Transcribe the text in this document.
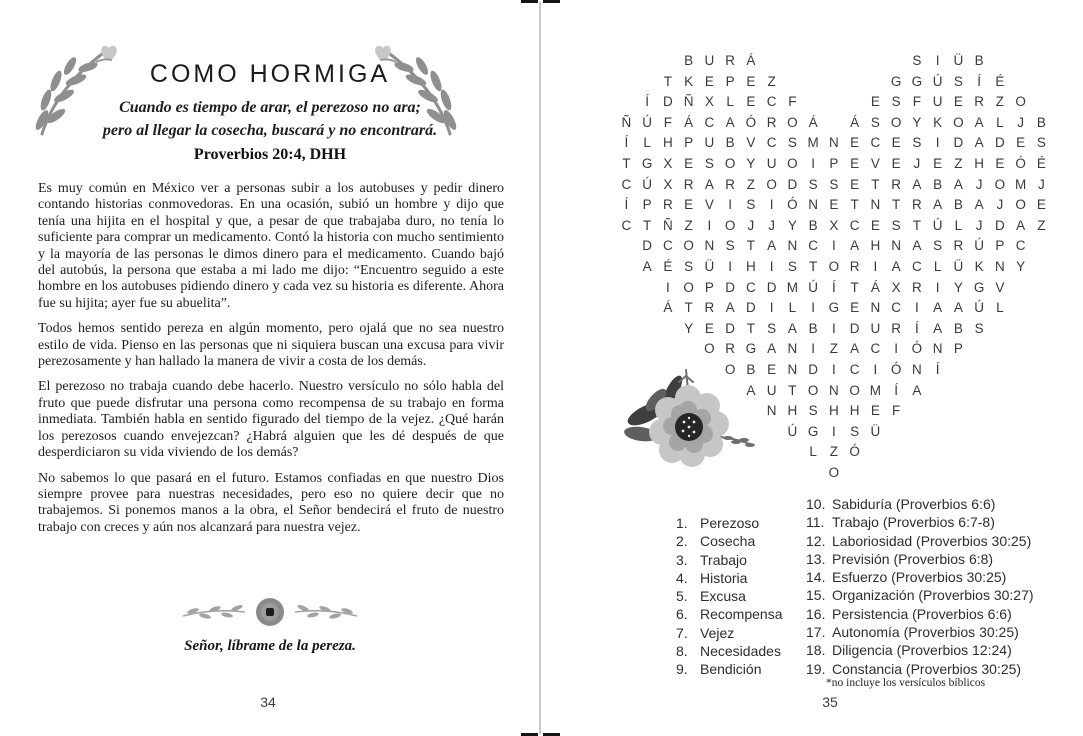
COMO HORMIGA
Cuando es tiempo de arar, el perezoso no ara;
pero al llegar la cosecha, buscará y no encontrará.
Proverbios 20:4, DHH

Es muy común en México ver a personas subir a los autobuses y pedir dinero contando historias conmovedoras. En una ocasión, subió un hombre y dijo que tenía una hijita en el hospital y que, a pesar de que trabajaba duro, no tenía lo suficiente para comprar un medicamento. Contó la historia con mucho sentimiento y la mayoría de las personas le dimos dinero para el medicamento. Cuando bajó del autobús, la persona que estaba a mi lado me dijo: “Encuentro seguido a este hombre en los autobuses pidiendo dinero y cada vez su historia es diferente. Ahora fue su hijita; ayer fue su abuelita”.

Todos hemos sentido pereza en algún momento, pero ojalá que no sea nuestro estilo de vida. Pienso en las personas que ni siquiera buscan una excusa para vivir perezosamente y han hallado la manera de vivir a costa de los demás.

El perezoso no trabaja cuando debe hacerlo. Nuestro versículo no sólo habla del fruto que puede disfrutar una persona como recompensa de su trabajo en forma inmediata. También habla en sentido figurado del tiempo de la vejez. ¿Qué harán los perezosos cuando envejezcan? ¿Habrá alguien que les dé después de que desperdiciaron su vida viviendo de los demás?

No sabemos lo que pasará en el futuro. Estamos confiadas en que nuestro Dios siempre provee para nuestras necesidades, pero eso no quiere decir que no trabajemos. Si ponemos manos a la obra, el Señor bendecirá el fruto de nuestro trabajo con creces y aún nos alcanzará para nuestra vejez.

Señor, líbrame de la pereza.
34
B U R Á	S I Ü B
T K E P E Z	G G Ú S Í É
Í D Ñ X L E C F	E S F U E R Z O
Ñ Ú F Á C A Ó R O Á Á S O Y K O A L J B
Í L H P U B V C S M N E C E S I D A D E S
T G X E S O Y U O I P E V E J E Z H E Ó É
C Ú X R A R Z O D S S E T R A B A J O M J
Í P R E V I S I Ó N E T N T R A B A J O E
C T Ñ Z I O J J Y B X C E S T Ú L J D A Z
D C O N S T A N C I A H N A S R Ú P C
A É S Ü I H I S T O R I A C L Ü K N Y
I O P D C D M Ú Í T Á X R I Y G V
Á T R A D I L I G E N C I A A Ú L
Y E D T S A B I D U R Í A B S
O R G A N I Z A C I Ó N P
O B E N D I C I Ó N Í
A U T O N O M Í A
N H S H H E F
Ú G I S Ü
L Z Ó
O
1. Perezoso
2. Cosecha
3. Trabajo
4. Historia
5. Excusa
6. Recompensa
7. Vejez
8. Necesidades
9. Bendición
10. Sabiduría (Proverbios 6:6)
11. Trabajo (Proverbios 6:7-8)
12. Laboriosidad (Proverbios 30:25)
13. Previsión (Proverbios 6:8)
14. Esfuerzo (Proverbios 30:25)
15. Organización (Proverbios 30:27)
16. Persistencia (Proverbios 6:6)
17. Autonomía (Proverbios 30:25)
18. Diligencia (Proverbios 12:24)
19. Constancia (Proverbios 30:25)
*no incluye los versículos bíblicos
35
